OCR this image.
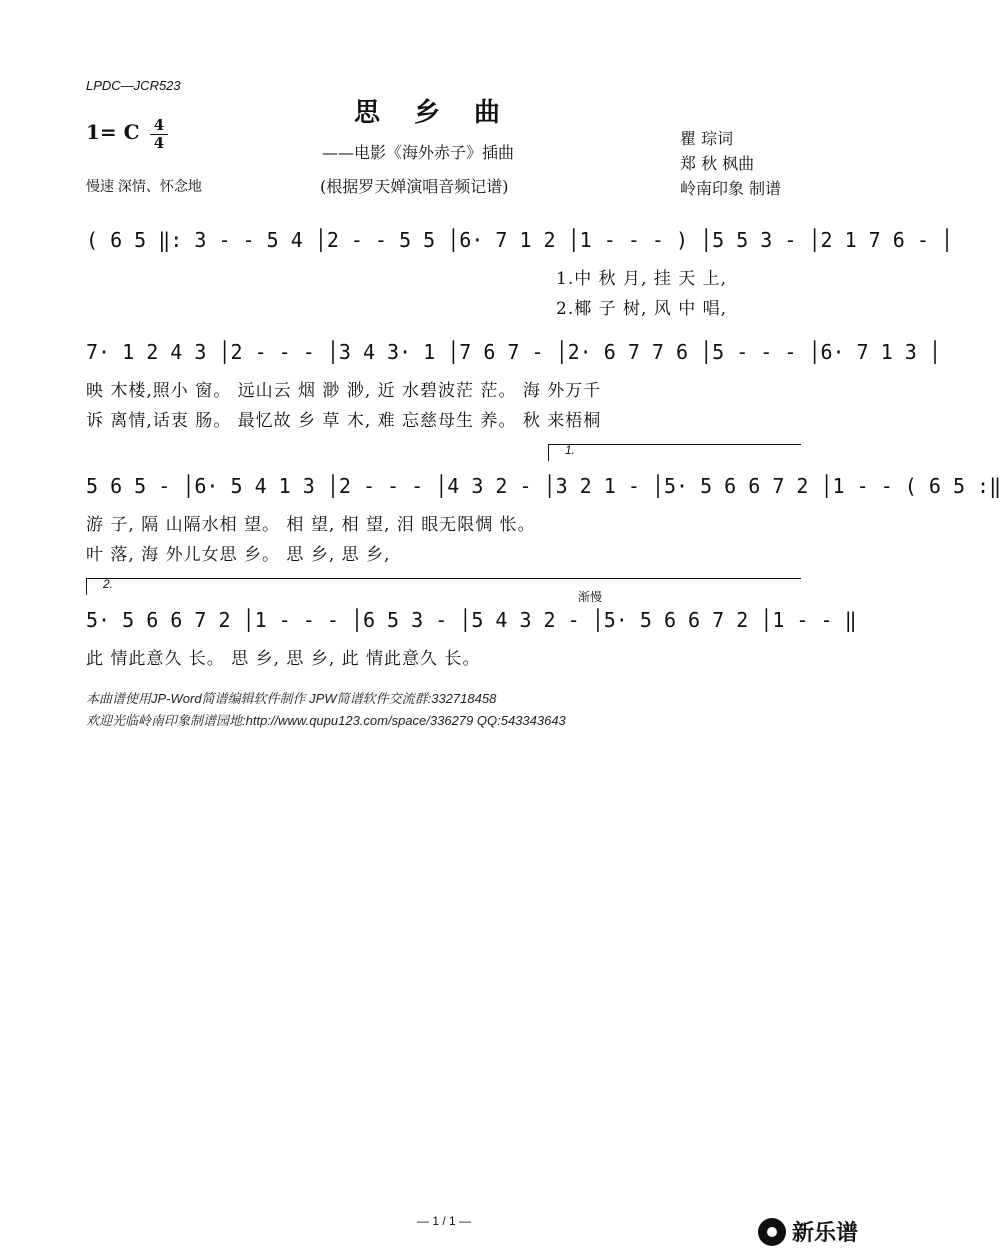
LPDC—JCR523
思乡曲
——电影《海外赤子》插曲
(根据罗天婵演唱音频记谱)
1= C 4
4
慢速 深情、怀念地
瞿 琮词
郑 秋 枫曲
岭南印象 制谱
( 6 5 ‖: 3 - - 5 4 │2 - - 5 5 │6· 7 1 2 │1 - - - ) │5 5 3 - │2 1 7 6 - │
1.中 秋 月, 挂 天 上,
2.椰 子 树, 风 中 唱,
7· 1 2 4 3 │2 - - - │3 4 3· 1 │7 6 7 - │2· 6 7 7 6 │5 - - - │6· 7 1 3 │
映 木楼,照小 窗。 远山云 烟 渺 渺, 近 水碧波茫 茫。 海 外万千
诉 离情,话衷 肠。 最忆故 乡 草 木, 难 忘慈母生 养。 秋 来梧桐
1.
5 6 5 - │6· 5 4 1 3 │2 - - - │4 3 2 - │3 2 1 - │5· 5 6 6 7 2 │1 - - ( 6 5 :‖
游 子, 隔 山隔水相 望。 相 望, 相 望, 泪 眼无限惆 怅。
叶 落, 海 外儿女思 乡。 思 乡, 思 乡,
2.
渐慢
5· 5 6 6 7 2 │1 - - - │6 5 3 - │5 4 3 2 - │5· 5 6 6 7 2 │1 - - ‖
此 情此意久 长。 思 乡, 思 乡, 此 情此意久 长。
本曲谱使用JP-Word简谱编辑软件制作 JPW简谱软件交流群:332718458
欢迎光临岭南印象制谱园地:http://www.qupu123.com/space/336279 QQ:543343643
— 1 / 1 —	新乐谱
